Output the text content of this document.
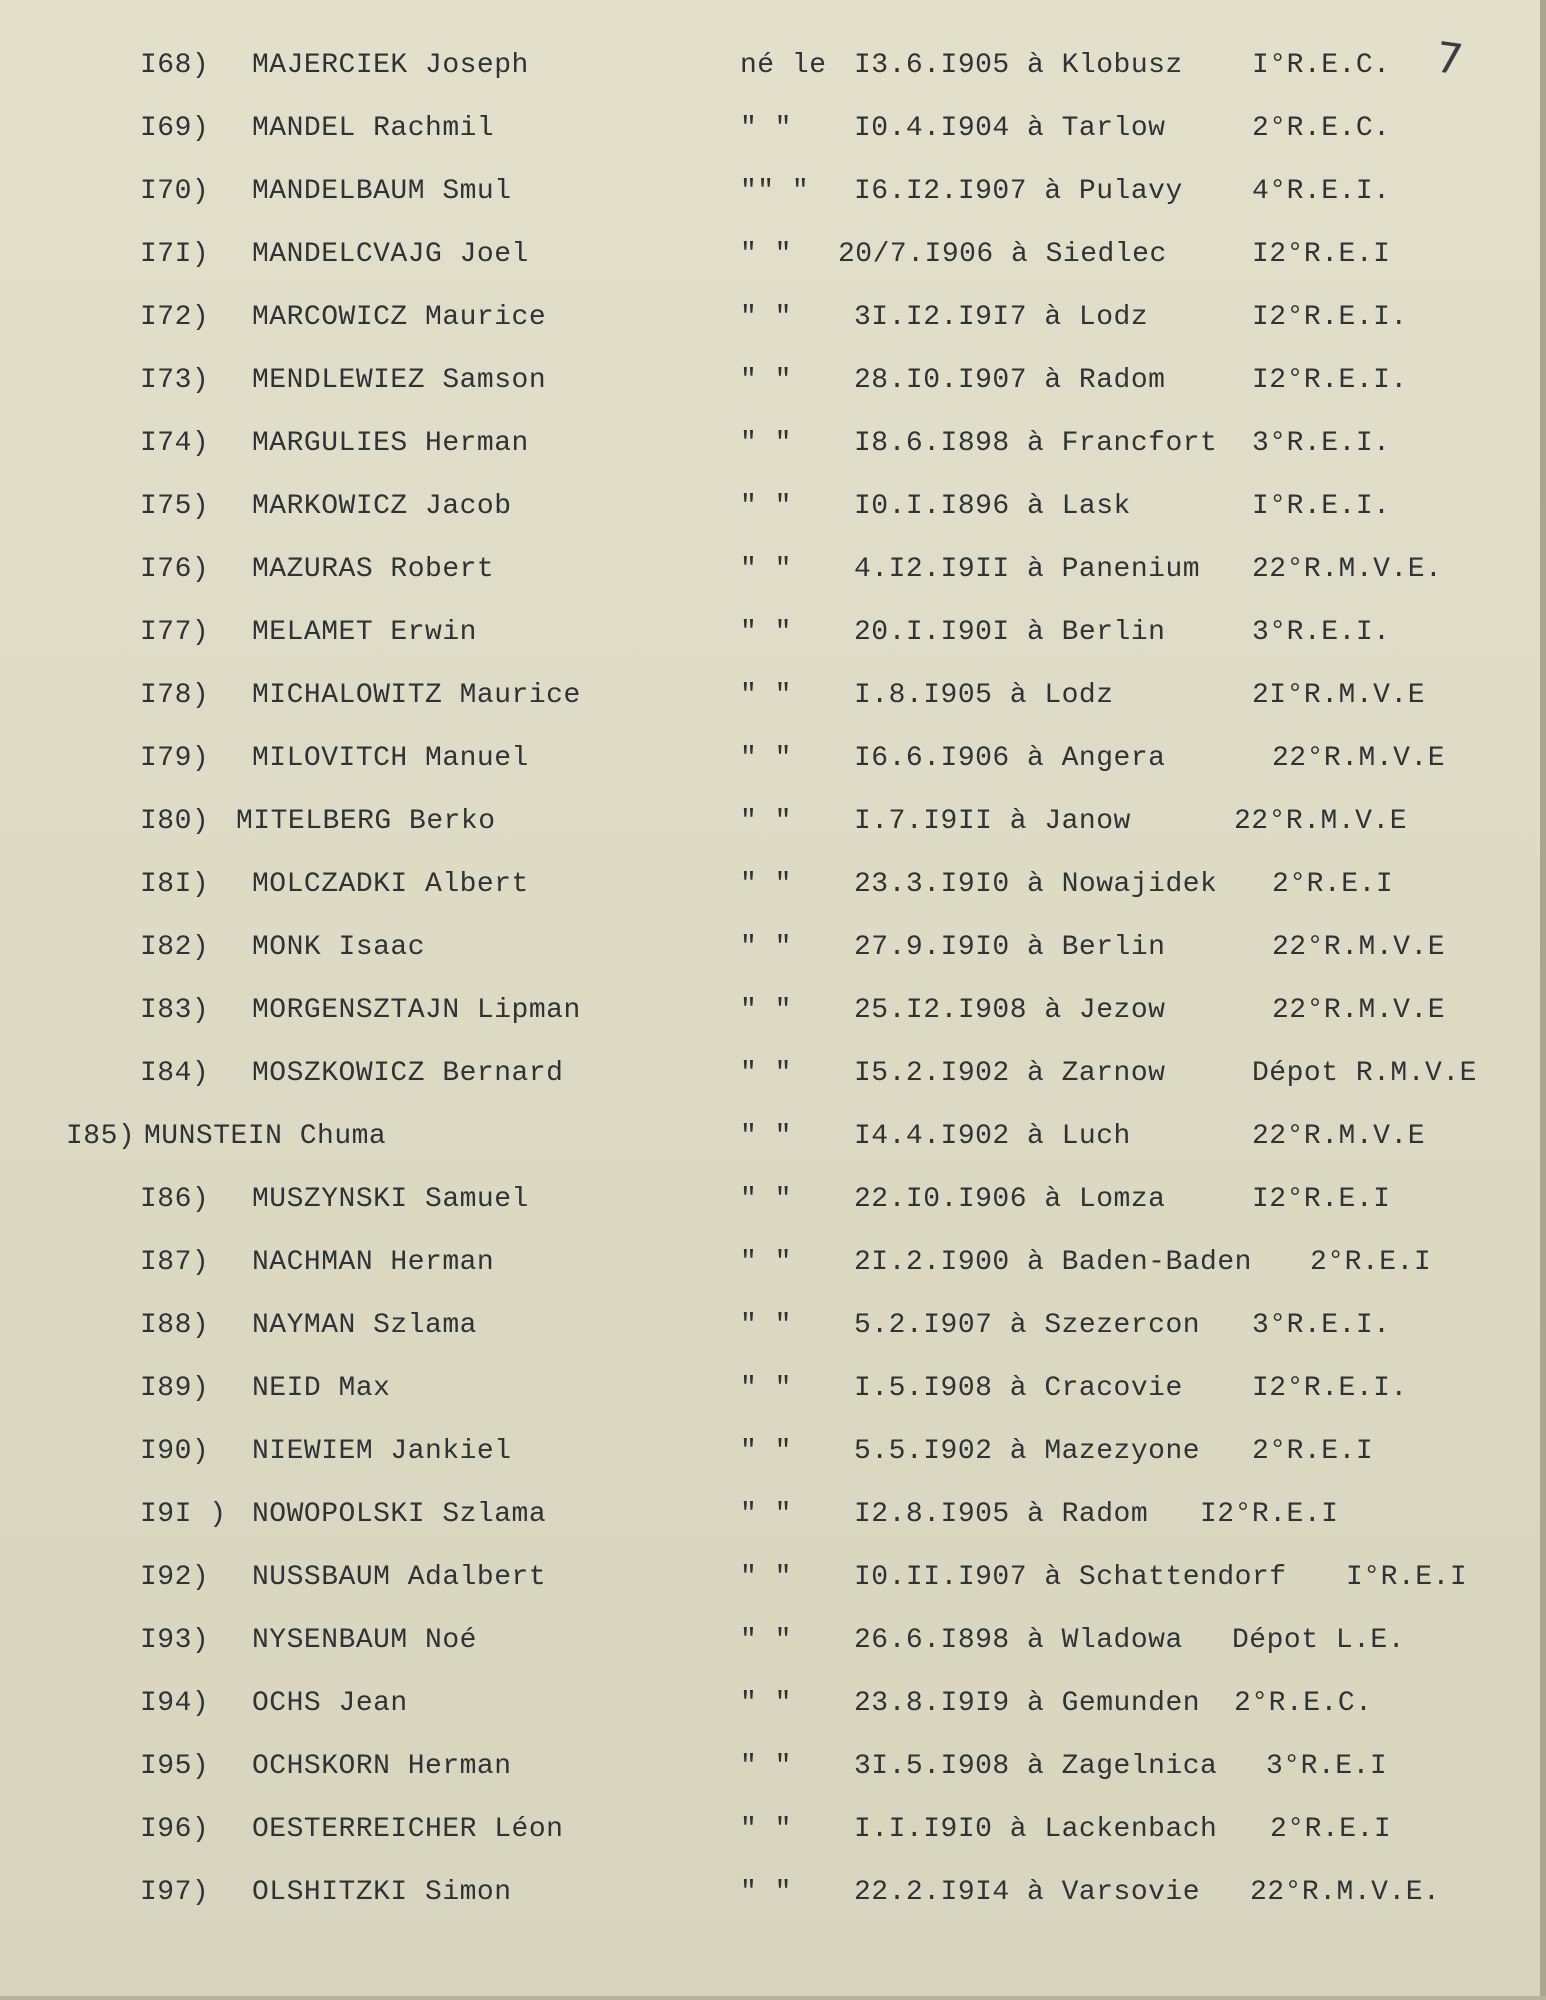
7
I68) MAJERCIEK Joseph	né le I3.6.I905 à Klobusz I°R.E.C.
I69) MANDEL Rachmil	" " I0.4.I904 à Tarlow	2°R.E.C.
I70) MANDELBAUM Smul	"" " I6.I2.I907 à Pulavy 4°R.E.I.
I7I) MANDELCVAJG Joel	" " 20/7.I906 à Siedlec	I2°R.E.I
I72) MARCOWICZ Maurice	" " 3I.I2.I9I7 à Lodz	I2°R.E.I.
I73) MENDLEWIEZ Samson	" " 28.I0.I907 à Radom	I2°R.E.I.
I74) MARGULIES Herman	" " I8.6.I898 à Francfort 3°R.E.I.
I75) MARKOWICZ Jacob	" " I0.I.I896 à Lask	I°R.E.I.
I76) MAZURAS Robert	" " 4.I2.I9II à Panenium 22°R.M.V.E.
I77) MELAMET Erwin	" " 20.I.I90I à Berlin	3°R.E.I.
I78) MICHALOWITZ Maurice	" " I.8.I905 à Lodz	2I°R.M.V.E
I79) MILOVITCH Manuel	" " I6.6.I906 à Angera	22°R.M.V.E
I80) MITELBERG Berko	" " I.7.I9II à Janow	22°R.M.V.E
I8I) MOLCZADKI Albert	" " 23.3.I9I0 à Nowajidek 2°R.E.I
I82) MONK Isaac	" " 27.9.I9I0 à Berlin	22°R.M.V.E
I83) MORGENSZTAJN Lipman	" " 25.I2.I908 à Jezow	22°R.M.V.E
I84) MOSZKOWICZ Bernard	" " I5.2.I902 à Zarnow	Dépot R.M.V.E
I85) MUNSTEIN Chuma	" " I4.4.I902 à Luch	22°R.M.V.E
I86) MUSZYNSKI Samuel	" " 22.I0.I906 à Lomza	I2°R.E.I
I87) NACHMAN Herman	" " 2I.2.I900 à Baden-Baden 2°R.E.I
I88) NAYMAN Szlama	" " 5.2.I907 à Szezercon 3°R.E.I.
I89) NEID Max	" " I.5.I908 à Cracovie I2°R.E.I.
I90) NIEWIEM Jankiel	" " 5.5.I902 à Mazezyone 2°R.E.I
I9I ) NOWOPOLSKI Szlama	" " I2.8.I905 à Radom I2°R.E.I
I92) NUSSBAUM Adalbert	" " I0.II.I907 à Schattendorf I°R.E.I
I93) NYSENBAUM Noé	" " 26.6.I898 à Wladowa Dépot L.E.
I94) OCHS Jean	" " 23.8.I9I9 à Gemunden 2°R.E.C.
I95) OCHSKORN Herman	" " 3I.5.I908 à Zagelnica 3°R.E.I
I96) OESTERREICHER Léon	" " I.I.I9I0 à Lackenbach 2°R.E.I
I97) OLSHITZKI Simon	" " 22.2.I9I4 à Varsovie 22°R.M.V.E.
